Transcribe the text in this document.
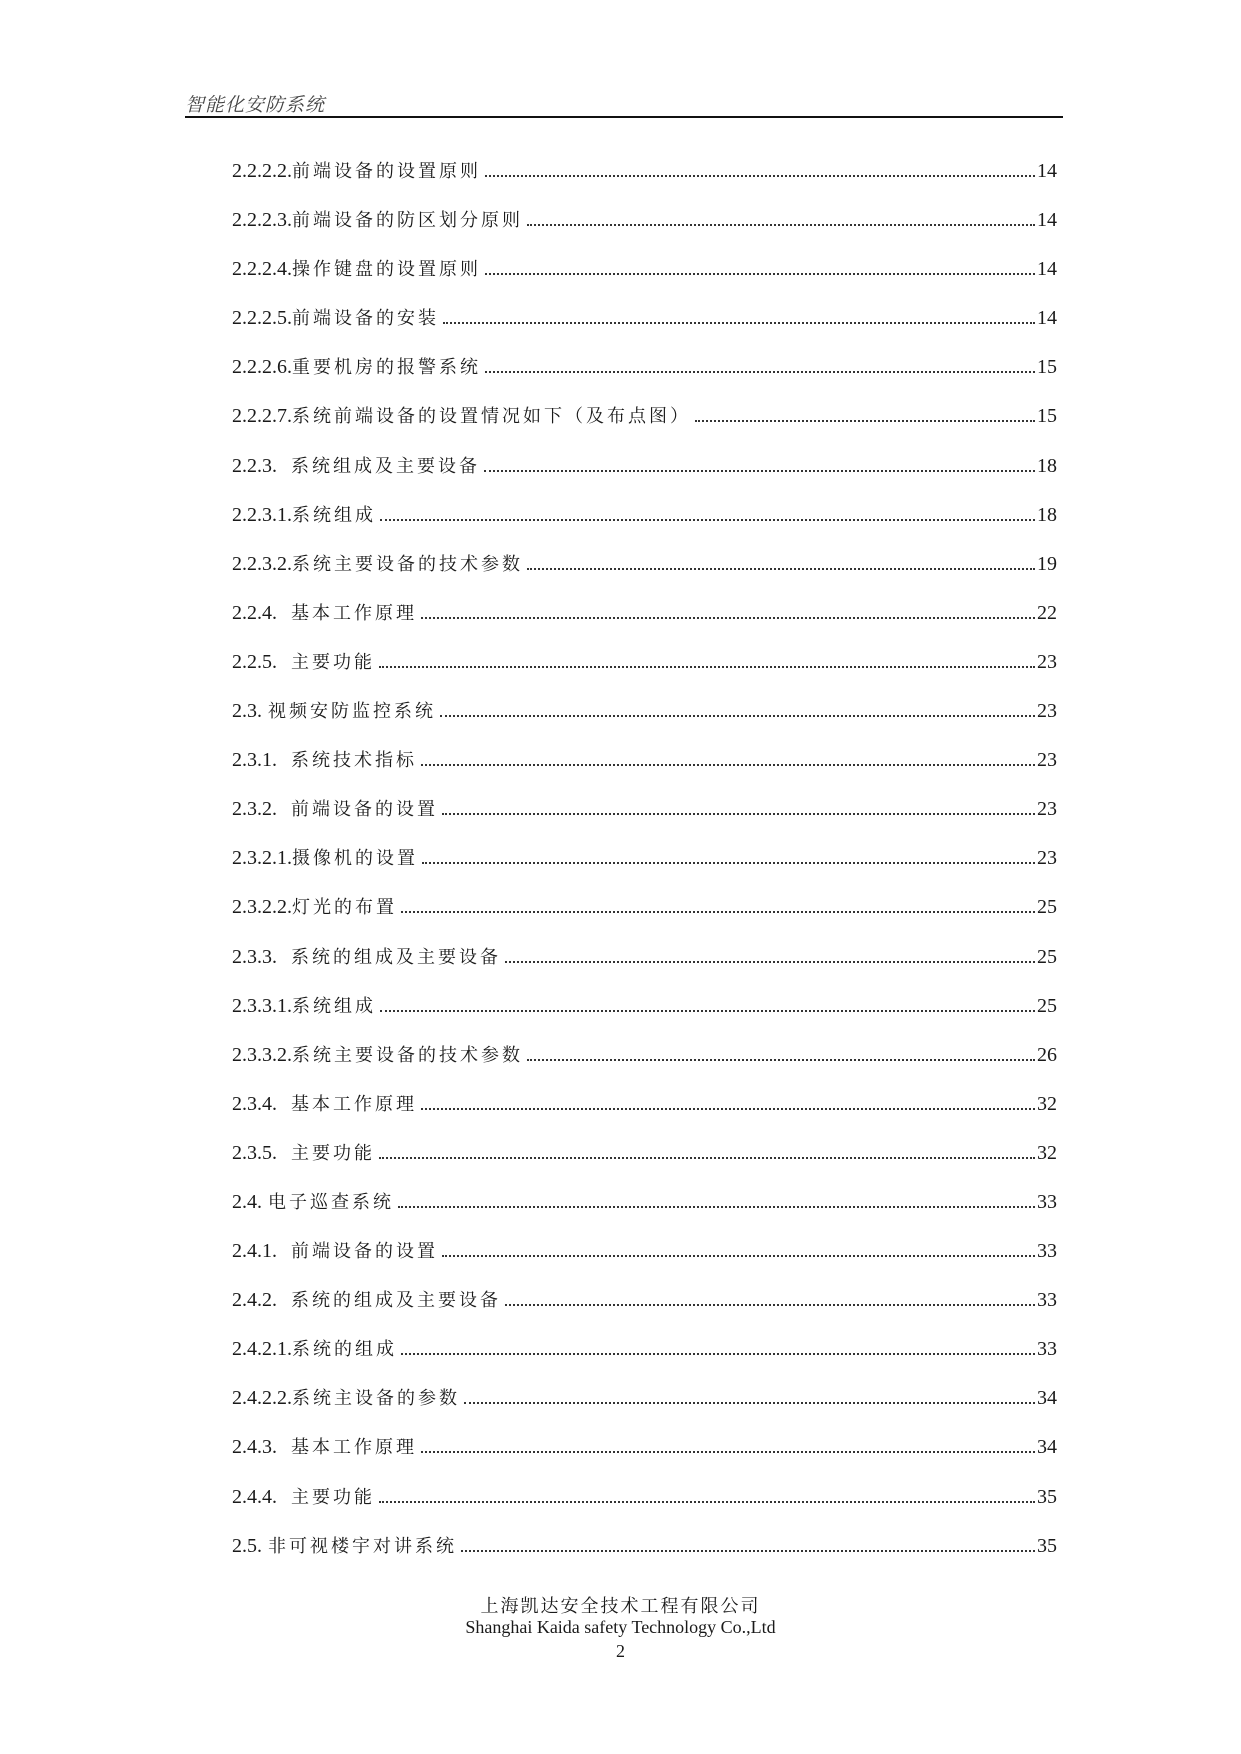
智能化安防系统
2.2.2.2. 前端设备的设置原则	14
2.2.2.3. 前端设备的防区划分原则	14
2.2.2.4. 操作键盘的设置原则	14
2.2.2.5. 前端设备的安装	14
2.2.2.6. 重要机房的报警系统	15
2.2.2.7. 系统前端设备的设置情况如下（及布点图）	15
2.2.3. 系统组成及主要设备	18
2.2.3.1. 系统组成	18
2.2.3.2. 系统主要设备的技术参数	19
2.2.4. 基本工作原理	22
2.2.5. 主要功能	23
2.3. 视频安防监控系统	23
2.3.1. 系统技术指标	23
2.3.2. 前端设备的设置	23
2.3.2.1. 摄像机的设置	23
2.3.2.2. 灯光的布置	25
2.3.3. 系统的组成及主要设备	25
2.3.3.1. 系统组成	25
2.3.3.2. 系统主要设备的技术参数	26
2.3.4. 基本工作原理	32
2.3.5. 主要功能	32
2.4. 电子巡查系统	33
2.4.1. 前端设备的设置	33
2.4.2. 系统的组成及主要设备	33
2.4.2.1. 系统的组成	33
2.4.2.2. 系统主设备的参数	34
2.4.3. 基本工作原理	34
2.4.4. 主要功能	35
2.5. 非可视楼宇对讲系统	35
上海凯达安全技术工程有限公司
Shanghai Kaida safety Technology Co.,Ltd
2
